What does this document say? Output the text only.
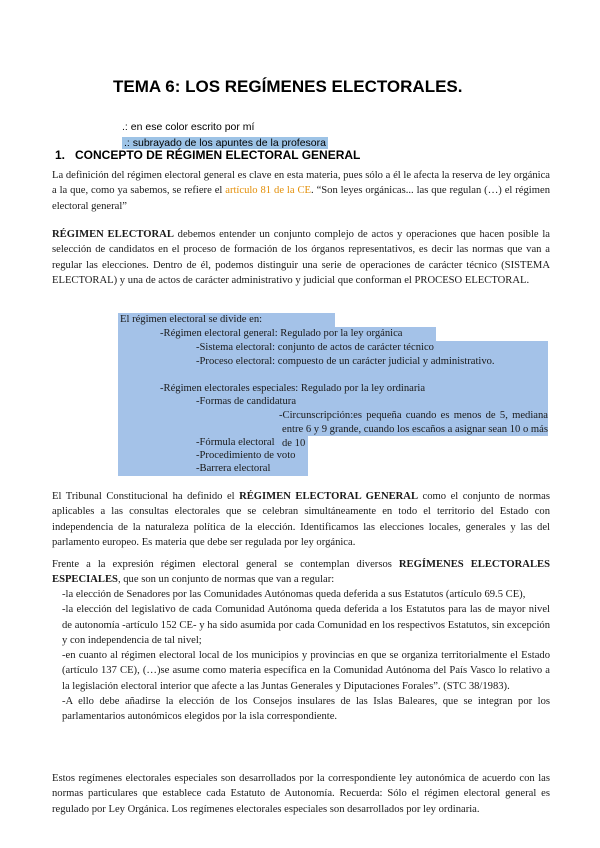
TEMA 6: LOS REGÍMENES ELECTORALES.
.: en ese color escrito por mí
.: subrayado de los apuntes de la profesora
1. CONCEPTO DE RÉGIMEN ELECTORAL GENERAL

La definición del régimen electoral general es clave en esta materia, pues sólo a él le afecta la reserva de ley orgánica a la que, como ya sabemos, se refiere el artículo 81 de la CE. “Son leyes orgánicas... las que regulan (…) el régimen electoral general”

RÉGIMEN ELECTORAL debemos entender un conjunto complejo de actos y operaciones que hacen posible la selección de candidatos en el proceso de formación de los órganos representativos, es decir las normas que van a regular las elecciones. Dentro de él, podemos distinguir una serie de operaciones de carácter técnico (SISTEMA ELECTORAL) y una de actos de carácter administrativo y judicial que conforman el PROCESO ELECTORAL.

El régimen electoral se divide en:
-Régimen electoral general: Regulado por la ley orgánica
-Sistema electoral: conjunto de actos de carácter técnico
-Proceso electoral: compuesto de un carácter judicial y administrativo.
-Régimen electorales especiales: Regulado por la ley ordinaria
-Formas de candidatura
-Circunscripción:es pequeña cuando es menos de 5, mediana entre 6 y 9 grande, cuando los escaños a asignar sean 10 o más de 10
-Fórmula electoral
-Procedimiento de voto
-Barrera electoral

El Tribunal Constitucional ha definido el RÉGIMEN ELECTORAL GENERAL como el conjunto de normas aplicables a las consultas electorales que se celebran simultáneamente en todo el territorio del Estado con independencia de la naturaleza política de la elección. Identificamos las elecciones locales, generales y las del parlamento europeo. Es materia que debe ser regulada por ley orgánica.

Frente a la expresión régimen electoral general se contemplan diversos REGÍMENES ELECTORALES ESPECIALES, que son un conjunto de normas que van a regular:

-la elección de Senadores por las Comunidades Autónomas queda deferida a sus Estatutos (artículo 69.5 CE),

-la elección del legislativo de cada Comunidad Autónoma queda deferida a los Estatutos para las de mayor nivel de autonomía -artículo 152 CE- y ha sido asumida por cada Comunidad en los respectivos Estatutos, sin excepción y con independencia de tal nivel;

-en cuanto al régimen electoral local de los municipios y provincias en que se organiza territorialmente el Estado (artículo 137 CE), (…)se asume como materia específica en la Comunidad Autónoma del País Vasco lo relativo a la legislación electoral interior que afecte a las Juntas Generales y Diputaciones Forales”. (STC 38/1983).

-A ello debe añadirse la elección de los Consejos insulares de las Islas Baleares, que se integran por los parlamentarios autonómicos elegidos por la isla correspondiente.

Estos regímenes electorales especiales son desarrollados por la correspondiente ley autonómica de acuerdo con las normas particulares que establece cada Estatuto de Autonomía. Recuerda: Sólo el régimen electoral general es regulado por Ley Orgánica. Los regímenes electorales especiales son desarrollados por ley ordinaria.
